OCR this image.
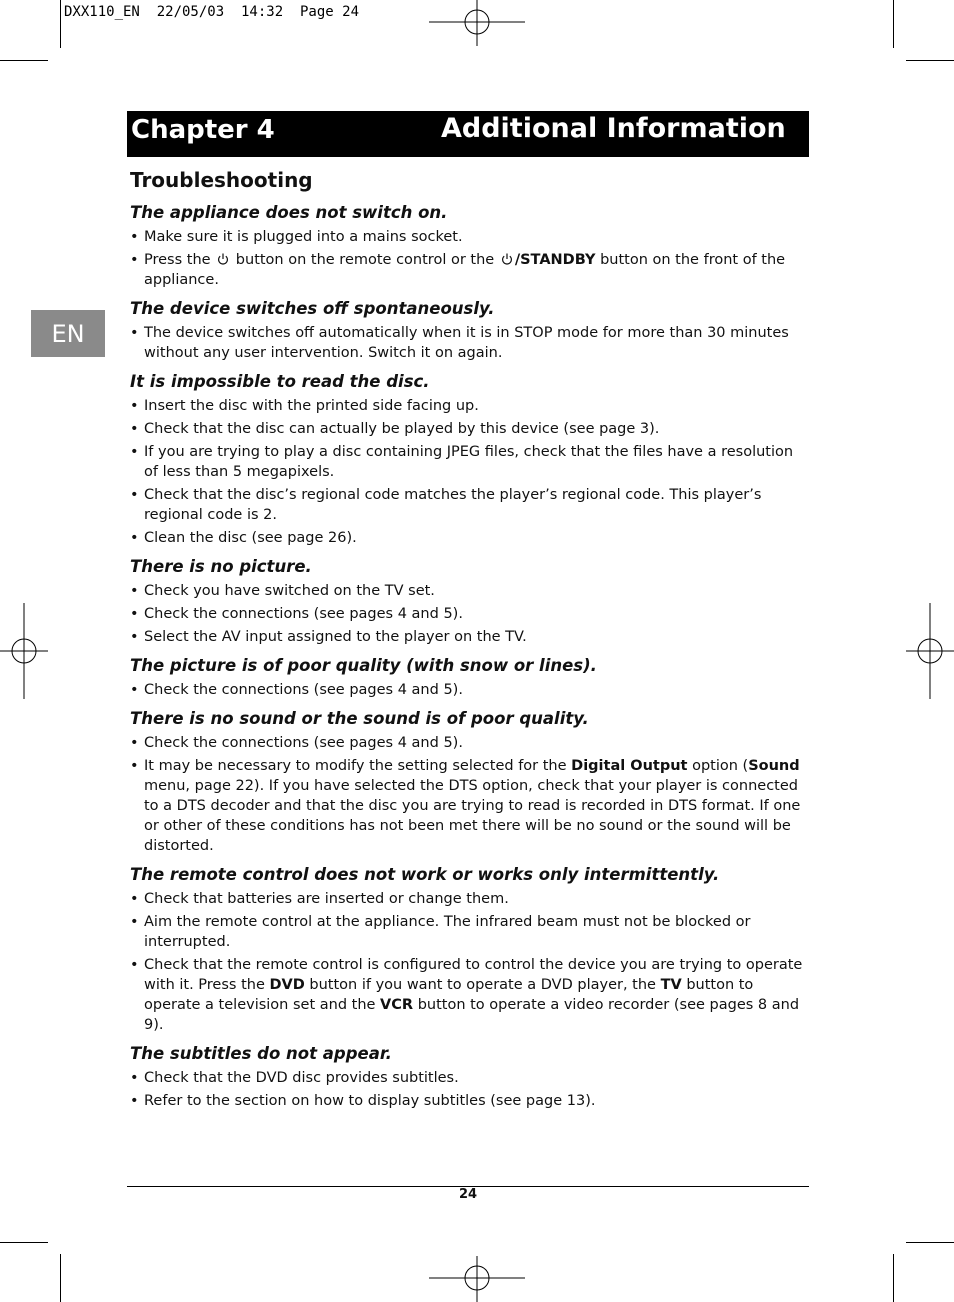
DXX110_EN  22/05/03  14:32  Page 24
Chapter 4	Additional Information
EN
Troubleshooting
The appliance does not switch on.
• Make sure it is plugged into a mains socket.
• Press the button on the remote control or the /STANDBY button on the front of the appliance.
The device switches off spontaneously.
• The device switches off automatically when it is in STOP mode for more than 30 minutes without any user intervention. Switch it on again.
It is impossible to read the disc.
• Insert the disc with the printed side facing up.
• Check that the disc can actually be played by this device (see page 3).
• If you are trying to play a disc containing JPEG files, check that the files have a resolution of less than 5 megapixels.
• Check that the disc’s regional code matches the player’s regional code. This player’s regional code is 2.
• Clean the disc (see page 26).
There is no picture.
• Check you have switched on the TV set.
• Check the connections (see pages 4 and 5).
• Select the AV input assigned to the player on the TV.
The picture is of poor quality (with snow or lines).
• Check the connections (see pages 4 and 5).
There is no sound or the sound is of poor quality.
• Check the connections (see pages 4 and 5).
• It may be necessary to modify the setting selected for the Digital Output option (Sound menu, page 22). If you have selected the DTS option, check that your player is connected to a DTS decoder and that the disc you are trying to read is recorded in DTS format. If one or other of these conditions has not been met there will be no sound or the sound will be distorted.
The remote control does not work or works only intermittently.
• Check that batteries are inserted or change them.
• Aim the remote control at the appliance. The infrared beam must not be blocked or interrupted.
• Check that the remote control is configured to control the device you are trying to operate with it. Press the DVD button if you want to operate a DVD player, the TV button to operate a television set and the VCR button to operate a video recorder (see pages 8 and 9).
The subtitles do not appear.
• Check that the DVD disc provides subtitles.
• Refer to the section on how to display subtitles (see page 13).
24
